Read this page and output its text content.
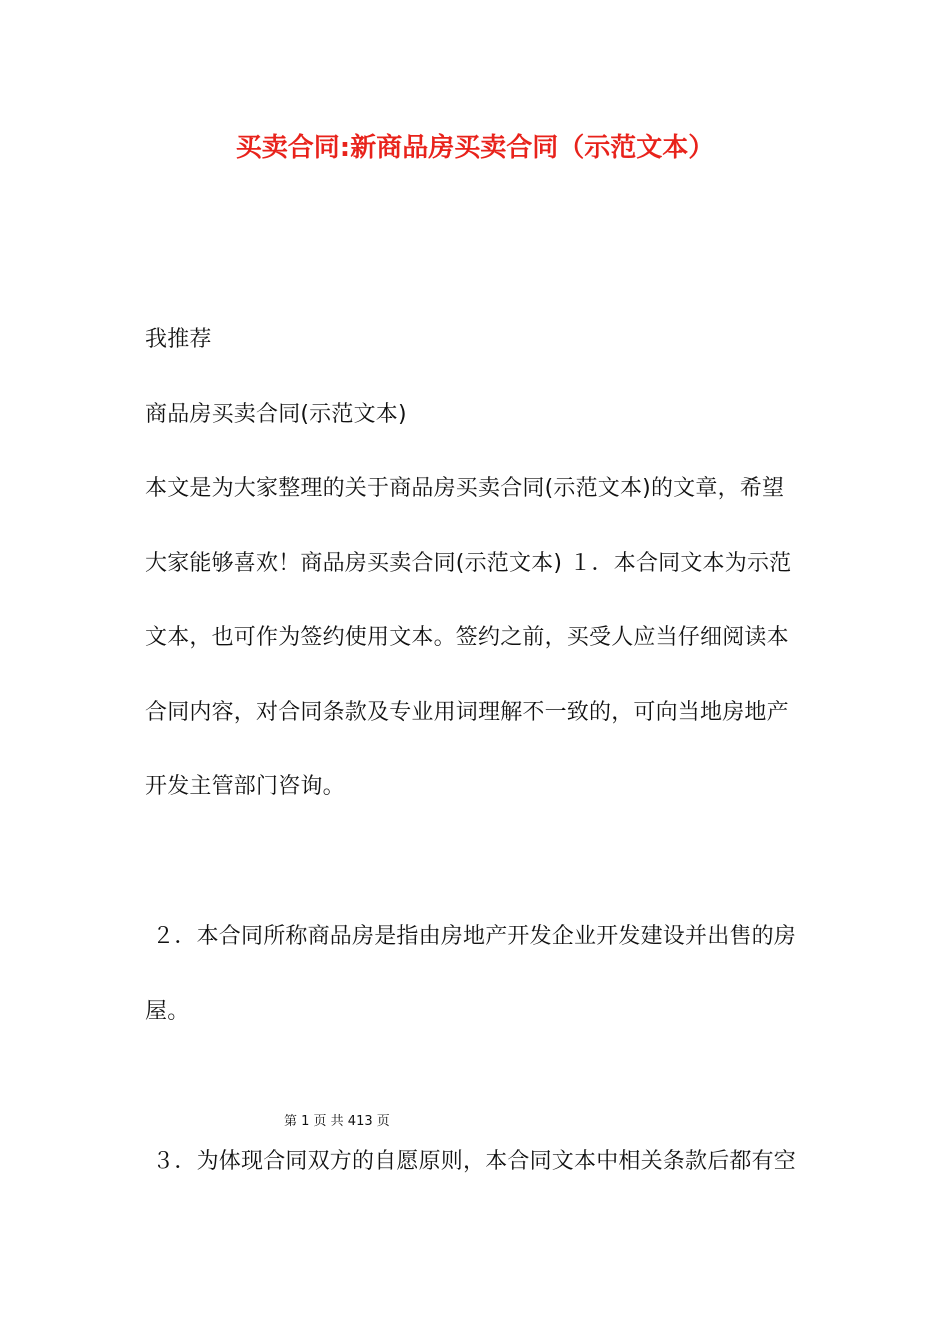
买卖合同:新商品房买卖合同（示范文本）
我推荐
商品房买卖合同(示范文本)
本文是为大家整理的关于商品房买卖合同(示范文本)的文章，希望
大家能够喜欢！商品房买卖合同(示范文本) １．本合同文本为示范
文本，也可作为签约使用文本。签约之前，买受人应当仔细阅读本
合同内容，对合同条款及专业用词理解不一致的，可向当地房地产
开发主管部门咨询。
２．本合同所称商品房是指由房地产开发企业开发建设并出售的房
屋。
第 1 页 共 413 页
３．为体现合同双方的自愿原则，本合同文本中相关条款后都有空
